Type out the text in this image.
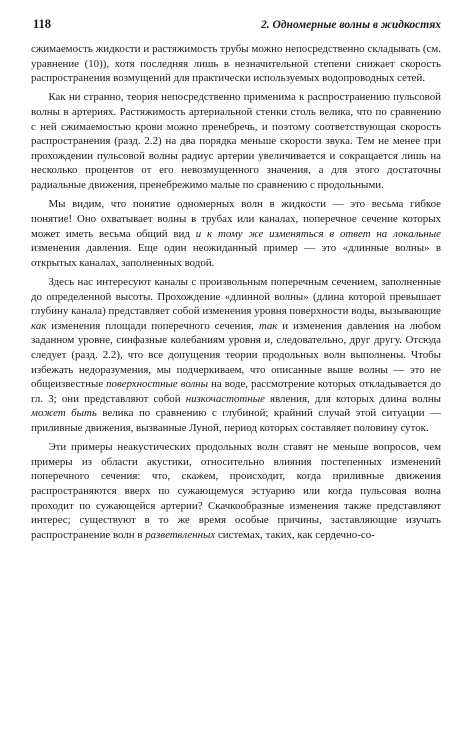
118	2. Одномерные волны в жидкостях

сжимаемость жидкости и растяжимость трубы можно непосредственно складывать (см. уравнение (10)), хотя последняя лишь в незначительной степени снижает скорость распространения возмущений для практически используемых водопроводных сетей.

Как ни странно, теория непосредственно применима к распространению пульсовой волны в артериях. Растяжимость артериальной стенки столь велика, что по сравнению с ней сжимаемостью крови можно пренебречь, и поэтому соответствующая скорость распространения (разд. 2.2) на два порядка меньше скорости звука. Тем не менее при прохождении пульсовой волны радиус артерии увеличивается и сокращается лишь на несколько процентов от его невозмущенного значения, а для этого достаточны радиальные движения, пренебрежимо малые по сравнению с продольными.

Мы видим, что понятие одномерных волн в жидкости — это весьма гибкое понятие! Оно охватывает волны в трубах или каналах, поперечное сечение которых может иметь весьма общий вид и к тому же изменяться в ответ на локальные изменения давления. Еще один неожиданный пример — это «длинные волны» в открытых каналах, заполненных водой.

Здесь нас интересуют каналы с произвольным поперечным сечением, заполненные до определенной высоты. Прохождение «длинной волны» (длина которой превышает глубину канала) представляет собой изменения уровня поверхности воды, вызывающие как изменения площади поперечного сечения, так и изменения давления на любом заданном уровне, синфазные колебаниям уровня и, следовательно, друг другу. Отсюда следует (разд. 2.2), что все допущения теории продольных волн выполнены. Чтобы избежать недоразумения, мы подчеркиваем, что описанные выше волны — это не общеизвестные поверхностные волны на воде, рассмотрение которых откладывается до гл. 3; они представляют собой низкочастотные явления, для которых длина волны может быть велика по сравнению с глубиной; крайний случай этой ситуации — приливные движения, вызванные Луной, период которых составляет половину суток.

Эти примеры неакустических продольных волн ставят не меньше вопросов, чем примеры из области акустики, относительно влияния постепенных изменений поперечного сечения: что, скажем, происходит, когда приливные движения распространяются вверх по сужающемуся эстуарию или когда пульсовая волна проходит по сужающейся артерии? Скачкообразные изменения также представляют интерес; существуют в то же время особые причины, заставляющие изучать распространение волн в разветвленных системах, таких, как сердечно-со-
